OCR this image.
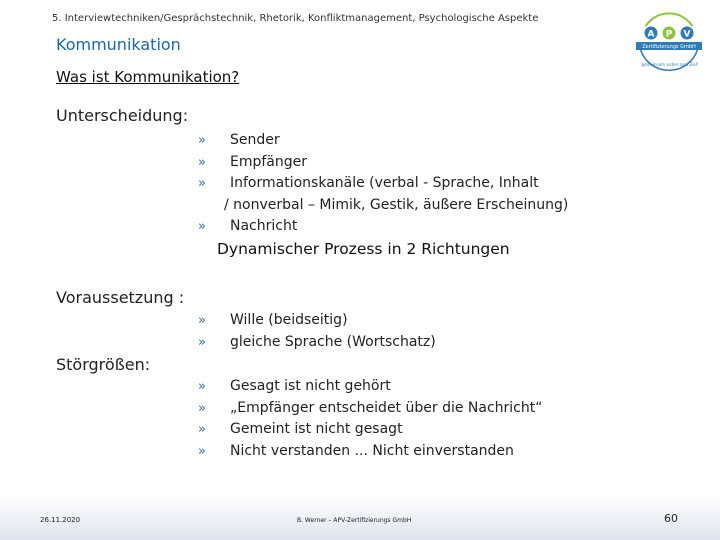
5. Interviewtechniken/Gesprächstechnik, Rhetorik, Konfliktmanagement, Psychologische Aspekte
Kommunikation
Was ist Kommunikation?
A P V
Zertifizierungs GmbH
gemeinsam sicher zum Ziel!
Unterscheidung:
» Sender
» Empfänger
» Informationskanäle (verbal - Sprache, Inhalt
/ nonverbal – Mimik, Gestik, äußere Erscheinung)
» Nachricht
Dynamischer Prozess in 2 Richtungen
Voraussetzung :
» Wille (beidseitig)
» gleiche Sprache (Wortschatz)
Störgrößen:
» Gesagt ist nicht gehört
» „Empfänger entscheidet über die Nachricht“
» Gemeint ist nicht gesagt
» Nicht verstanden ... Nicht einverstanden
26.11.2020	B. Werner – APV-Zertifizierungs GmbH	60
